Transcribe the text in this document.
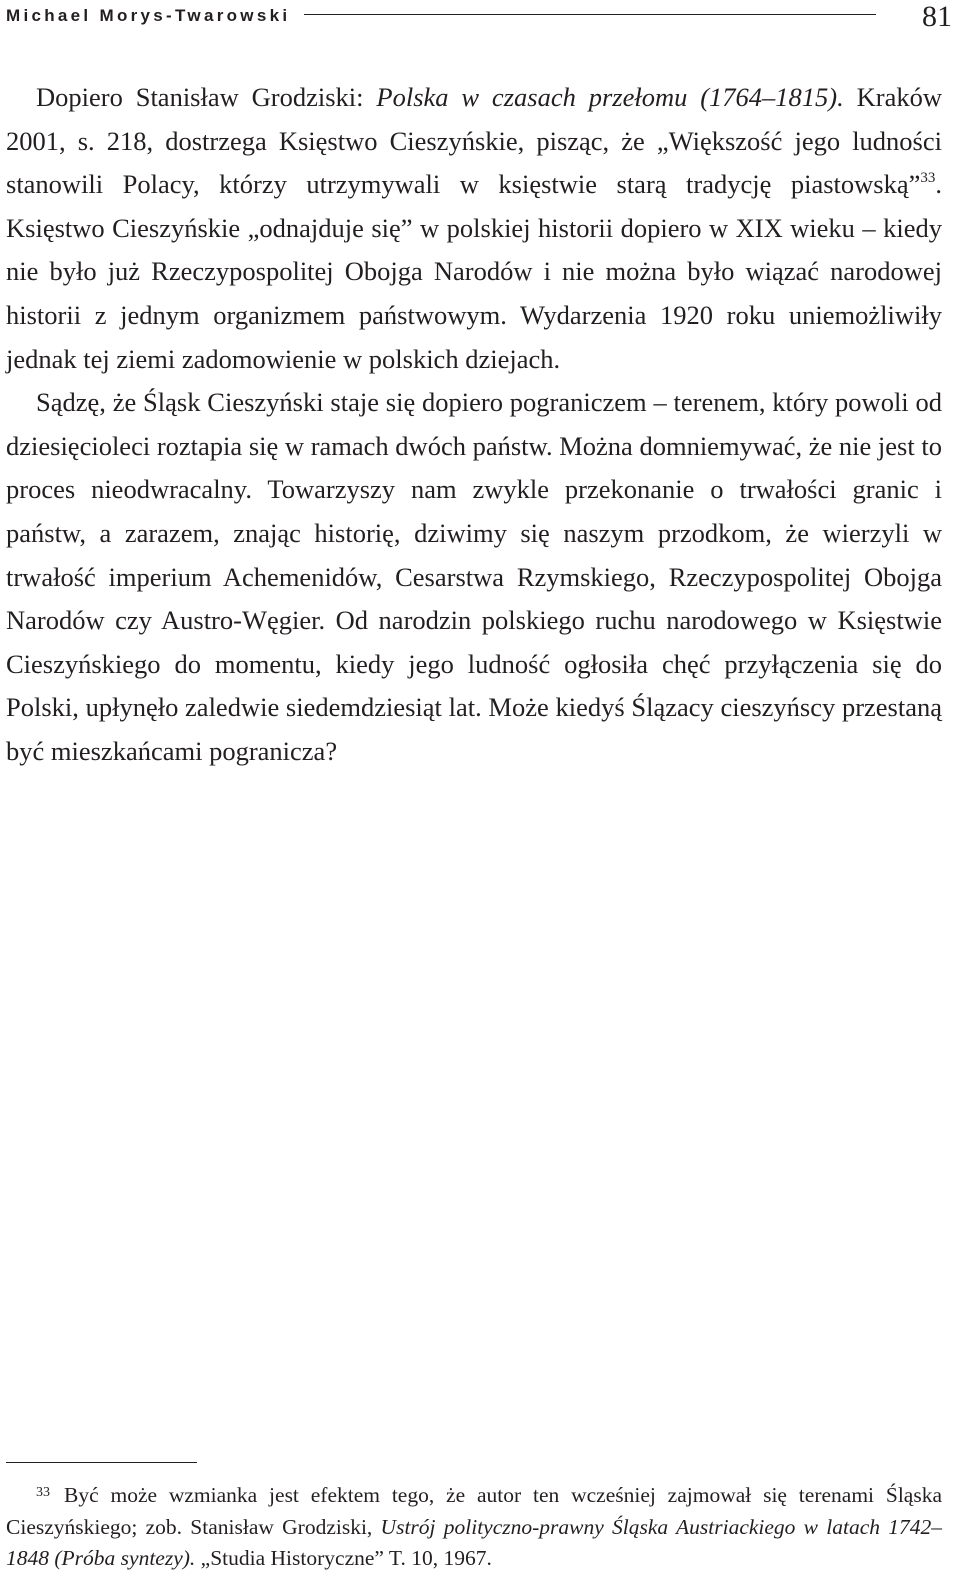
Michael Morys-Twarowski	81

Dopiero Stanisław Grodziski: Polska w czasach przełomu (1764–1815). Kraków 2001, s. 218, dostrzega Księstwo Cieszyńskie, pisząc, że „Większość jego ludności stanowili Polacy, którzy utrzymywali w księstwie starą tradycję piastowską”$^{33}$. Księstwo Cieszyńskie „odnajduje się” w polskiej historii dopiero w XIX wieku – kiedy nie było już Rzeczypospolitej Obojga Narodów i nie można było wiązać narodowej historii z jednym organizmem państwowym. Wydarzenia 1920 roku uniemożliwiły jednak tej ziemi zadomowienie w polskich dziejach.

Sądzę, że Śląsk Cieszyński staje się dopiero pograniczem – terenem, który powoli od dziesięcioleci roztapia się w ramach dwóch państw. Można domniemywać, że nie jest to proces nieodwracalny. Towarzyszy nam zwykle przekonanie o trwałości granic i państw, a zarazem, znając historię, dziwimy się naszym przodkom, że wierzyli w trwałość imperium Achemenidów, Cesarstwa Rzymskiego, Rzeczypospolitej Obojga Narodów czy Austro-Węgier. Od narodzin polskiego ruchu narodowego w Księstwie Cieszyńskiego do momentu, kiedy jego ludność ogłosiła chęć przyłączenia się do Polski, upłynęło zaledwie siedemdziesiąt lat. Może kiedyś Ślązacy cieszyńscy przestaną być mieszkańcami pogranicza?

$^{33}$ Być może wzmianka jest efektem tego, że autor ten wcześniej zajmował się terenami Śląska Cieszyńskiego; zob. Stanisław Grodziski, Ustrój polityczno-prawny Śląska Austriackiego w latach 1742–1848 (Próba syntezy). „Studia Historyczne” T. 10, 1967.
